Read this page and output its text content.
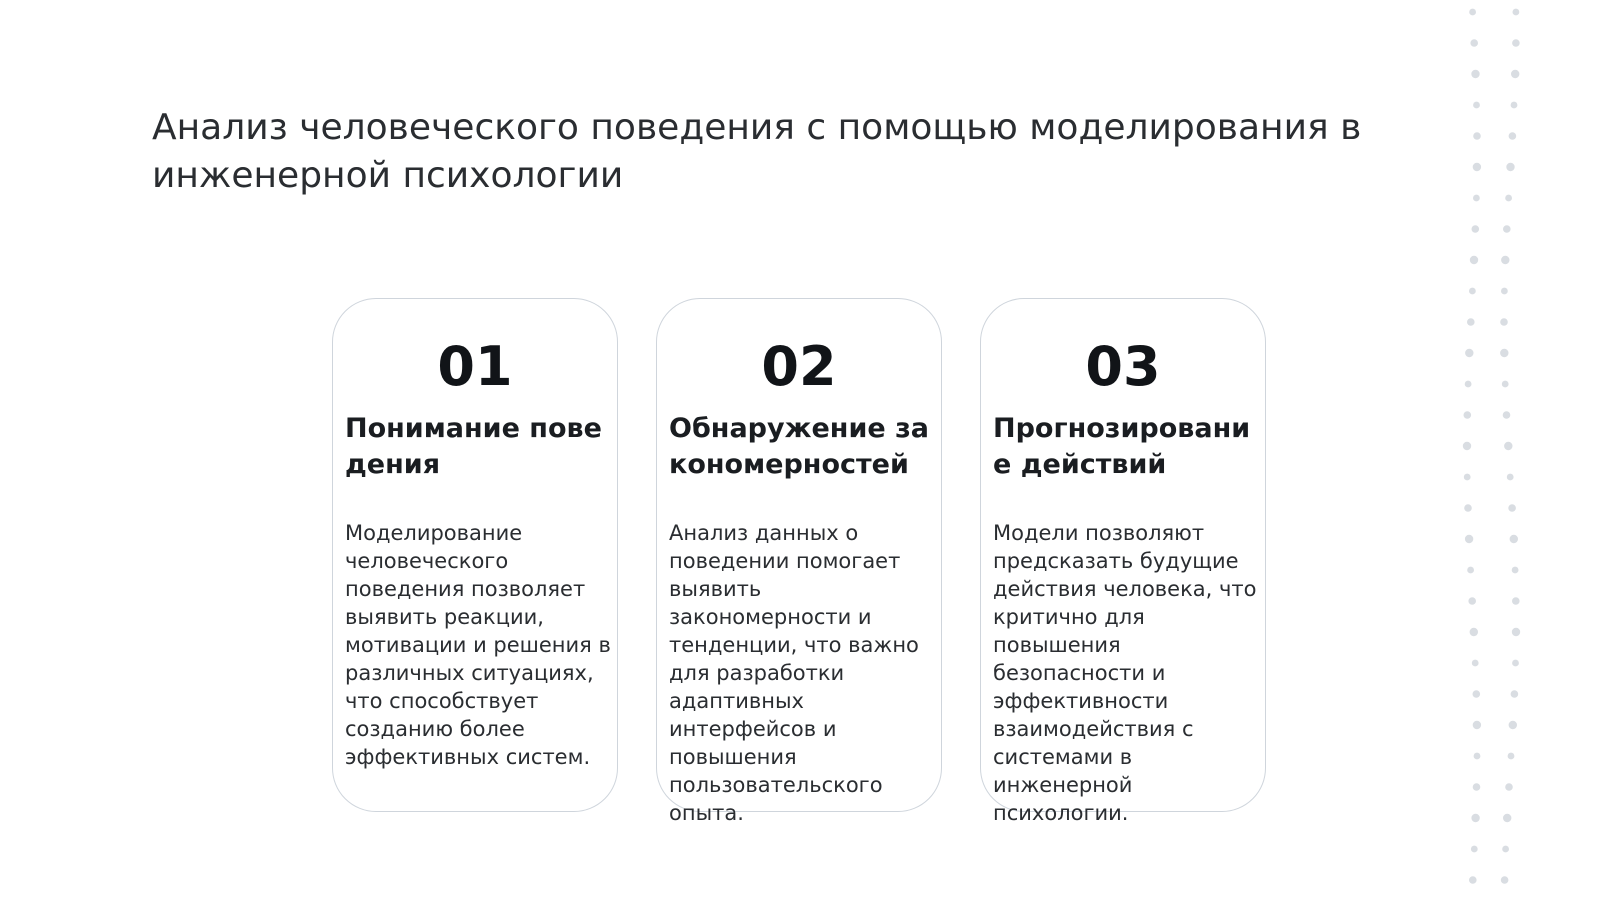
Анализ человеческого поведения с помощью моделирования в инженерной психологии
01
Понимание поведения

Моделирование человеческого поведения позволяет выявить реакции, мотивации и решения в различных ситуациях, что способствует созданию более эффективных систем.

02
Обнаружение закономерностей

Анализ данных о поведении помогает выявить закономерности и тенденции, что важно для разработки адаптивных интерфейсов и повышения пользовательского опыта.

03
Прогнозирование действий

Модели позволяют предсказать будущие действия человека, что критично для повышения безопасности и эффективности взаимодействия с системами в инженерной психологии.
